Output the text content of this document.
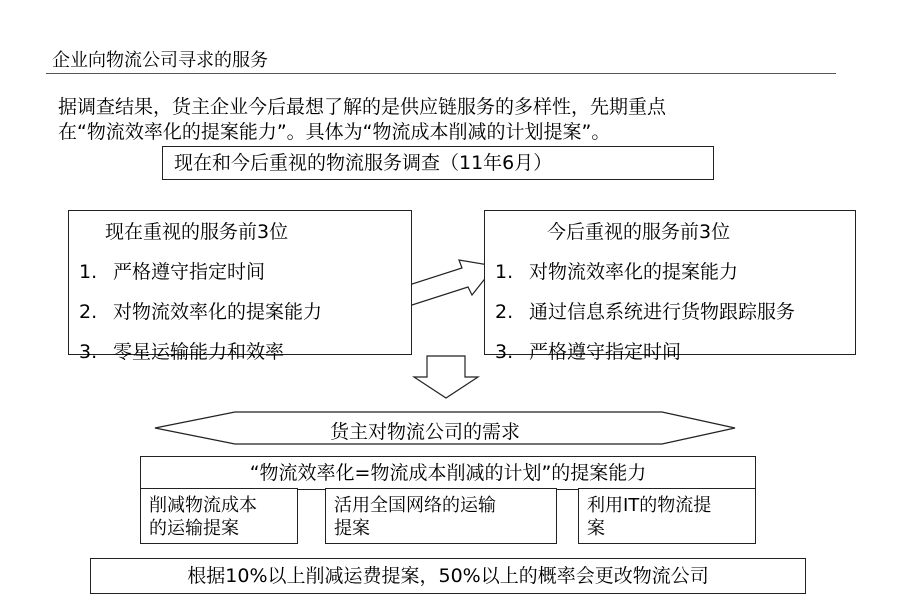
企业向物流公司寻求的服务
据调查结果，货主企业今后最想了解的是供应链服务的多样性，先期重点
在“物流效率化的提案能力”。具体为“物流成本削减的计划提案”。
现在和今后重视的物流服务调查（11年6月）
现在重视的服务前3位
1. 严格遵守指定时间
2. 对物流效率化的提案能力
3. 零星运输能力和效率
今后重视的服务前3位
1. 对物流效率化的提案能力
2. 通过信息系统进行货物跟踪服务
3. 严格遵守指定时间
货主对物流公司的需求
“物流效率化=物流成本削减的计划”的提案能力
削减物流成本
的运输提案
活用全国网络的运输
提案
利用IT的物流提
案
根据10%以上削减运费提案，50%以上的概率会更改物流公司
